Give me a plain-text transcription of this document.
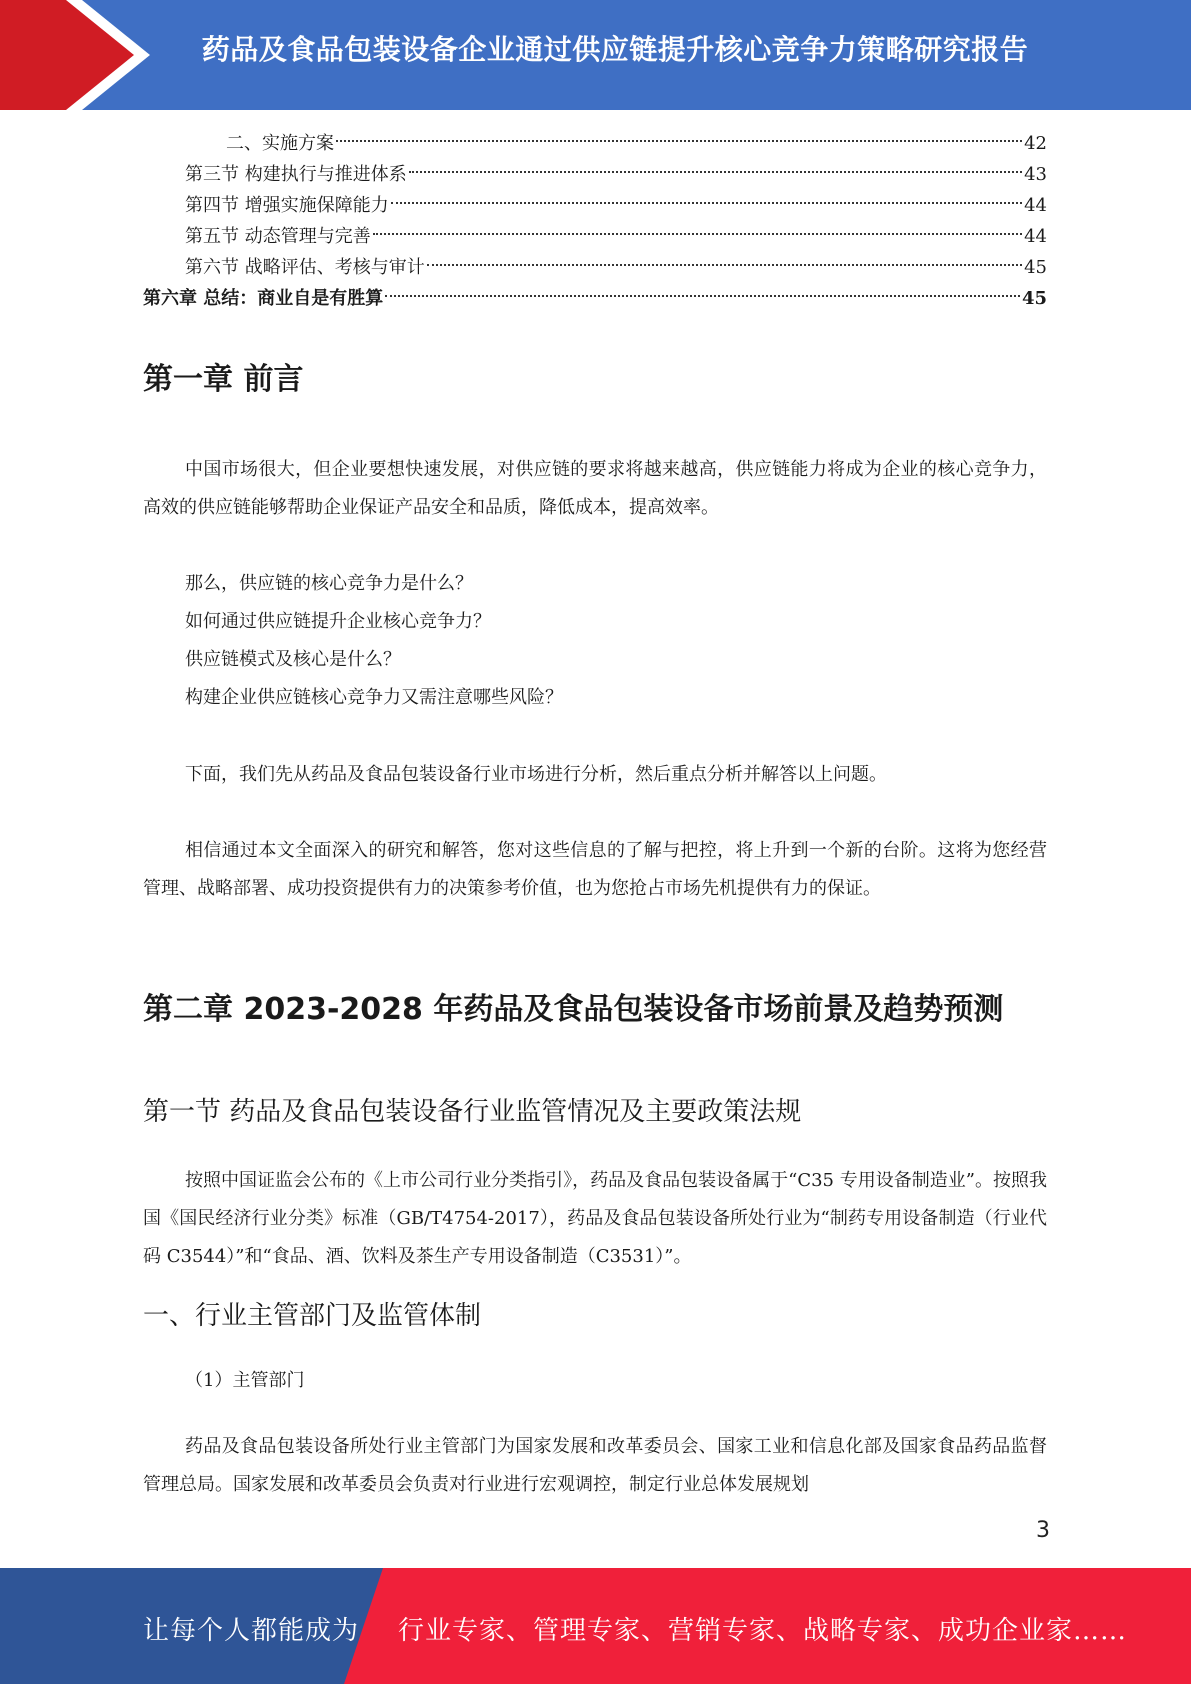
药品及食品包装设备企业通过供应链提升核心竞争力策略研究报告
二、实施方案	42
第三节 构建执行与推进体系	43
第四节 增强实施保障能力	44
第五节 动态管理与完善	44
第六节 战略评估、考核与审计	45
第六章 总结：商业自是有胜算	45
第一章 前言

中国市场很大，但企业要想快速发展，对供应链的要求将越来越高，供应链能力将成为企业的核心竞争力，高效的供应链能够帮助企业保证产品安全和品质，降低成本，提高效率。

那么，供应链的核心竞争力是什么？

如何通过供应链提升企业核心竞争力？

供应链模式及核心是什么？

构建企业供应链核心竞争力又需注意哪些风险？

下面，我们先从药品及食品包装设备行业市场进行分析，然后重点分析并解答以上问题。

相信通过本文全面深入的研究和解答，您对这些信息的了解与把控，将上升到一个新的台阶。这将为您经营管理、战略部署、成功投资提供有力的决策参考价值，也为您抢占市场先机提供有力的保证。

第二章 2023-2028 年药品及食品包装设备市场前景及趋势预测
第一节 药品及食品包装设备行业监管情况及主要政策法规

按照中国证监会公布的《上市公司行业分类指引》，药品及食品包装设备属于“C35 专用设备制造业”。按照我国《国民经济行业分类》标准（GB/T4754-2017），药品及食品包装设备所处行业为“制药专用设备制造（行业代码 C3544）”和“食品、酒、饮料及茶生产专用设备制造（C3531）”。

一、行业主管部门及监管体制

（1）主管部门

药品及食品包装设备所处行业主管部门为国家发展和改革委员会、国家工业和信息化部及国家食品药品监督管理总局。国家发展和改革委员会负责对行业进行宏观调控，制定行业总体发展规划

3
让每个人都能成为 行业专家、管理专家、营销专家、战略专家、成功企业家……
